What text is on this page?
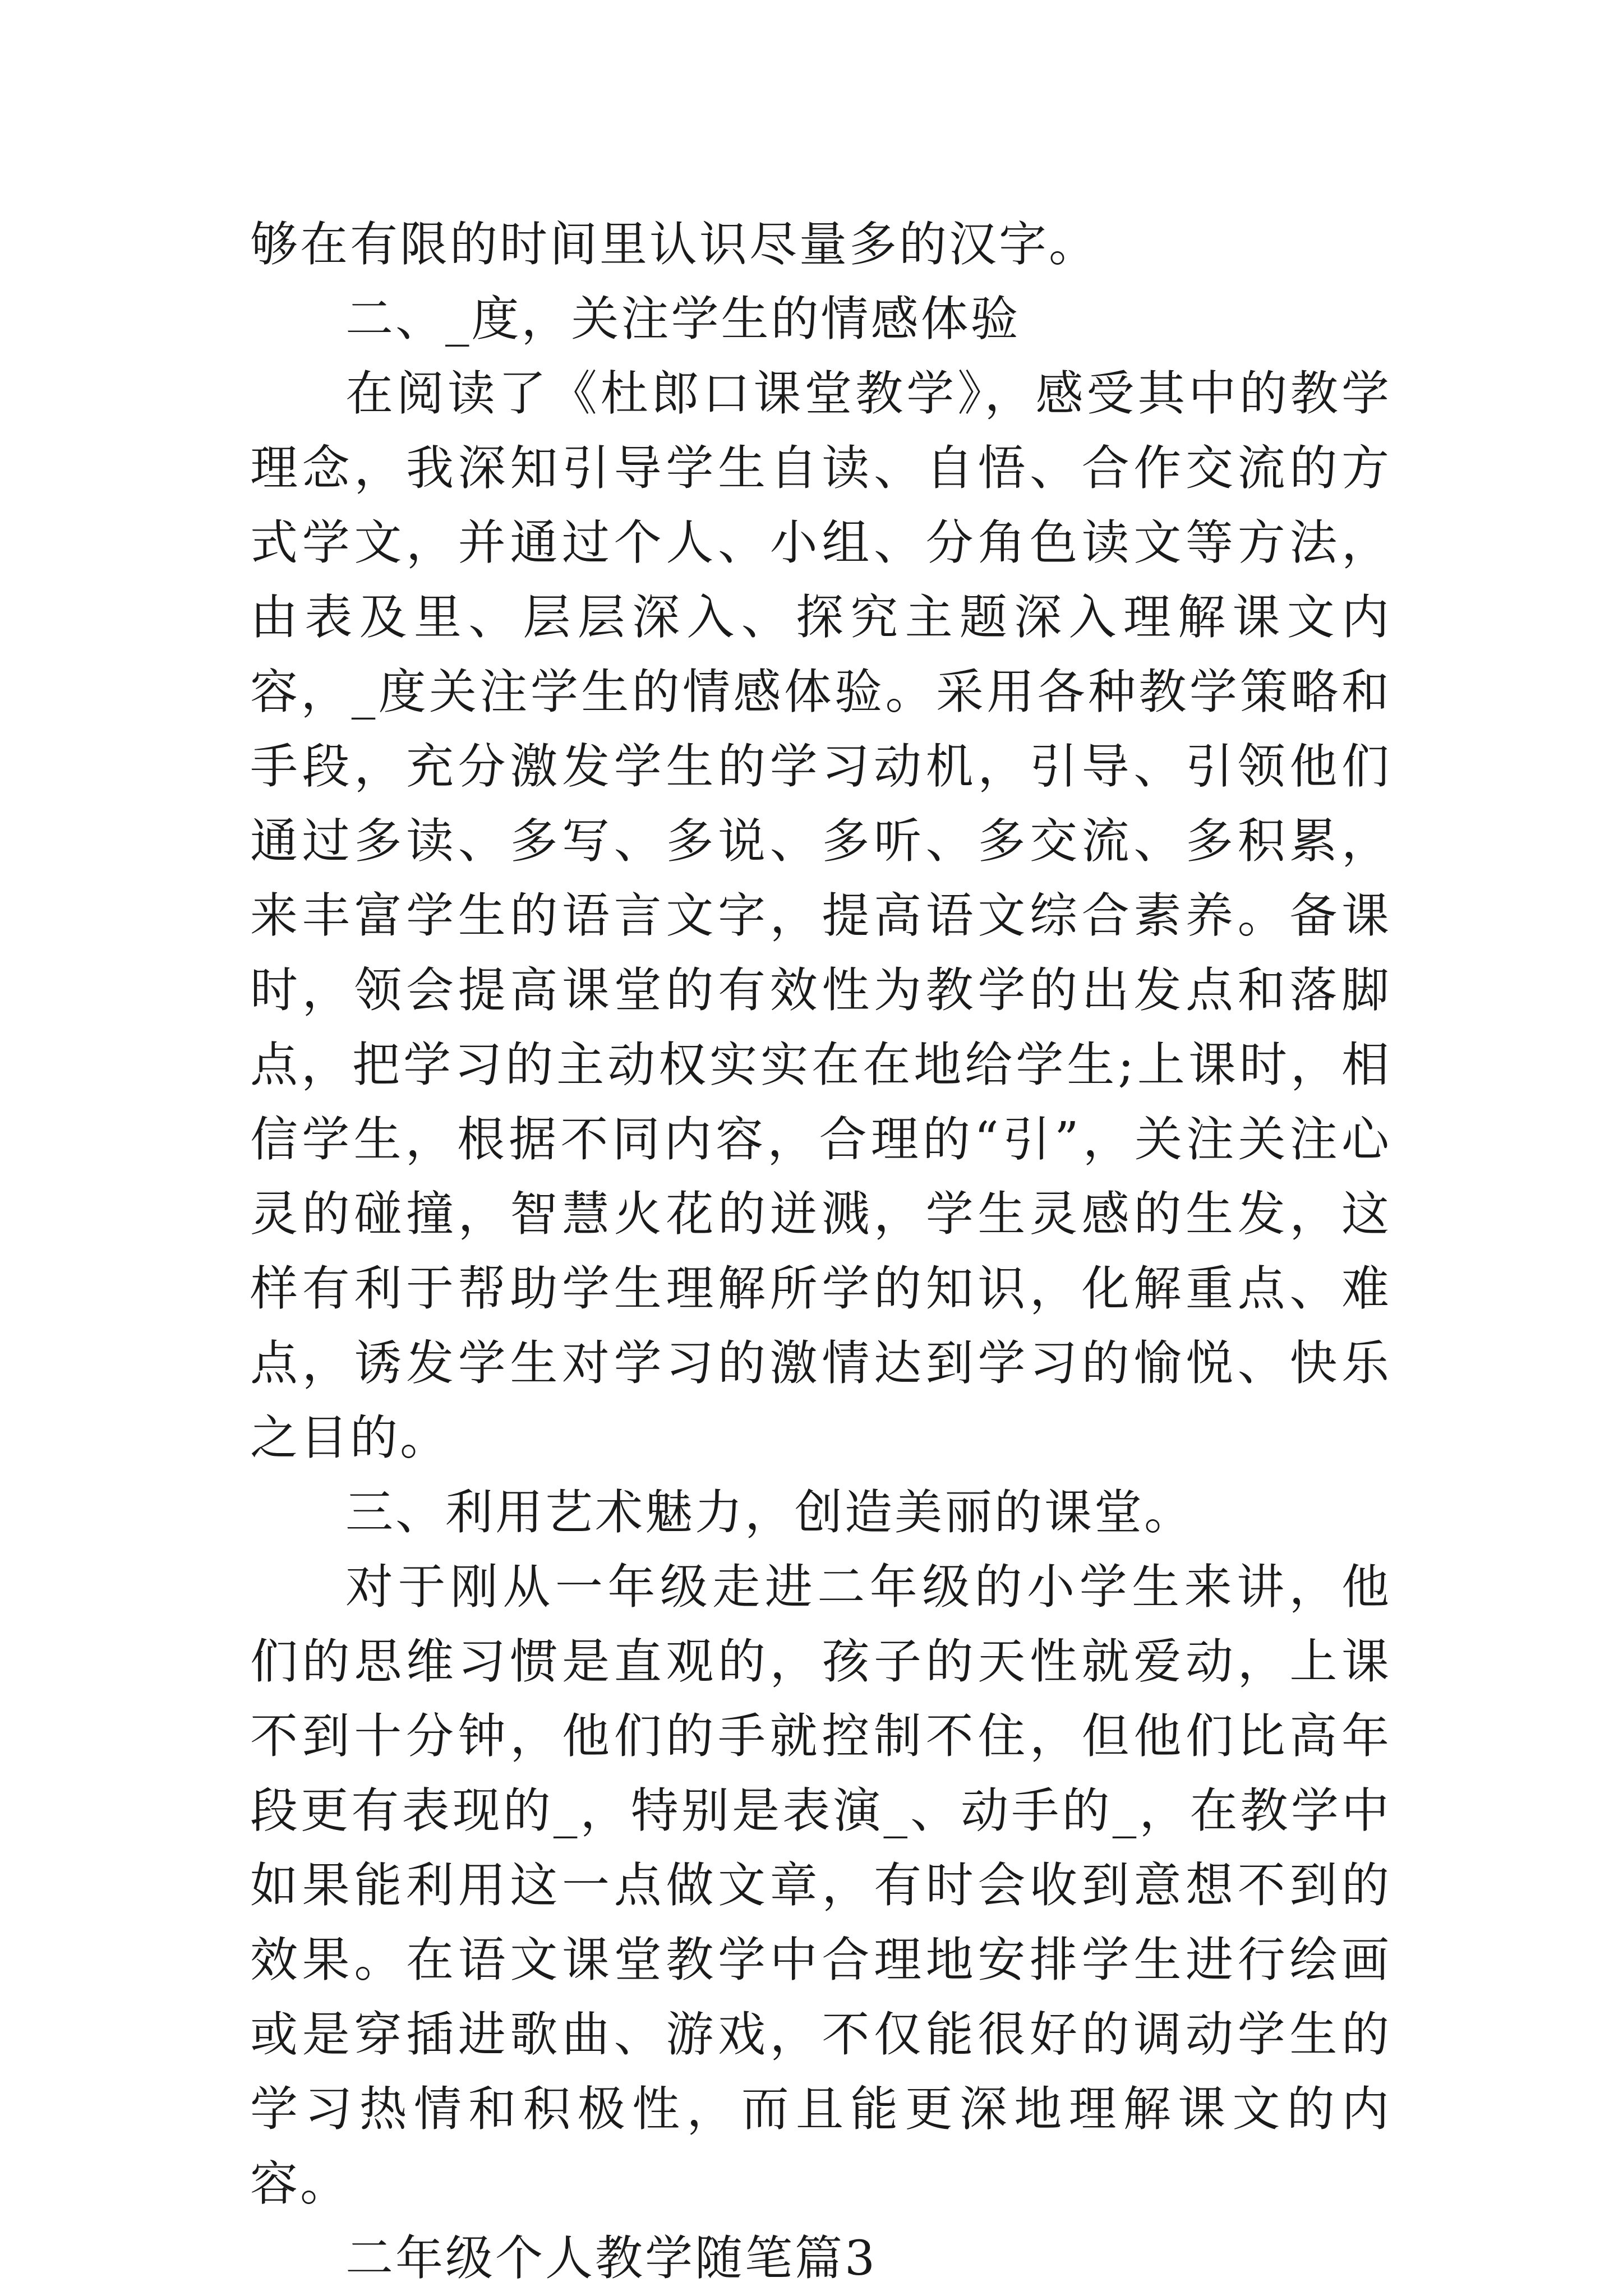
够在有限的时间里认识尽量多的汉字。

二、_度，关注学生的情感体验

在阅读了《杜郎口课堂教学》，感受其中的教学理念，我深知引导学生自读、自悟、合作交流的方式学文，并通过个人、小组、分角色读文等方法，由表及里、层层深入、探究主题深入理解课文内容，_度关注学生的情感体验。采用各种教学策略和手段，充分激发学生的学习动机，引导、引领他们通过多读、多写、多说、多听、多交流、多积累，来丰富学生的语言文字，提高语文综合素养。备课时，领会提高课堂的有效性为教学的出发点和落脚点，把学习的主动权实实在在地给学生;上课时，相信学生，根据不同内容，合理的“引”，关注关注心灵的碰撞，智慧火花的迸溅，学生灵感的生发，这样有利于帮助学生理解所学的知识，化解重点、难点，诱发学生对学习的激情达到学习的愉悦、快乐之目的。

三、利用艺术魅力，创造美丽的课堂。

对于刚从一年级走进二年级的小学生来讲，他们的思维习惯是直观的，孩子的天性就爱动，上课不到十分钟，他们的手就控制不住，但他们比高年段更有表现的_，特别是表演_、动手的_，在教学中如果能利用这一点做文章，有时会收到意想不到的效果。在语文课堂教学中合理地安排学生进行绘画或是穿插进歌曲、游戏，不仅能很好的调动学生的学习热情和积极性，而且能更深地理解课文的内容。

二年级个人教学随笔篇3
